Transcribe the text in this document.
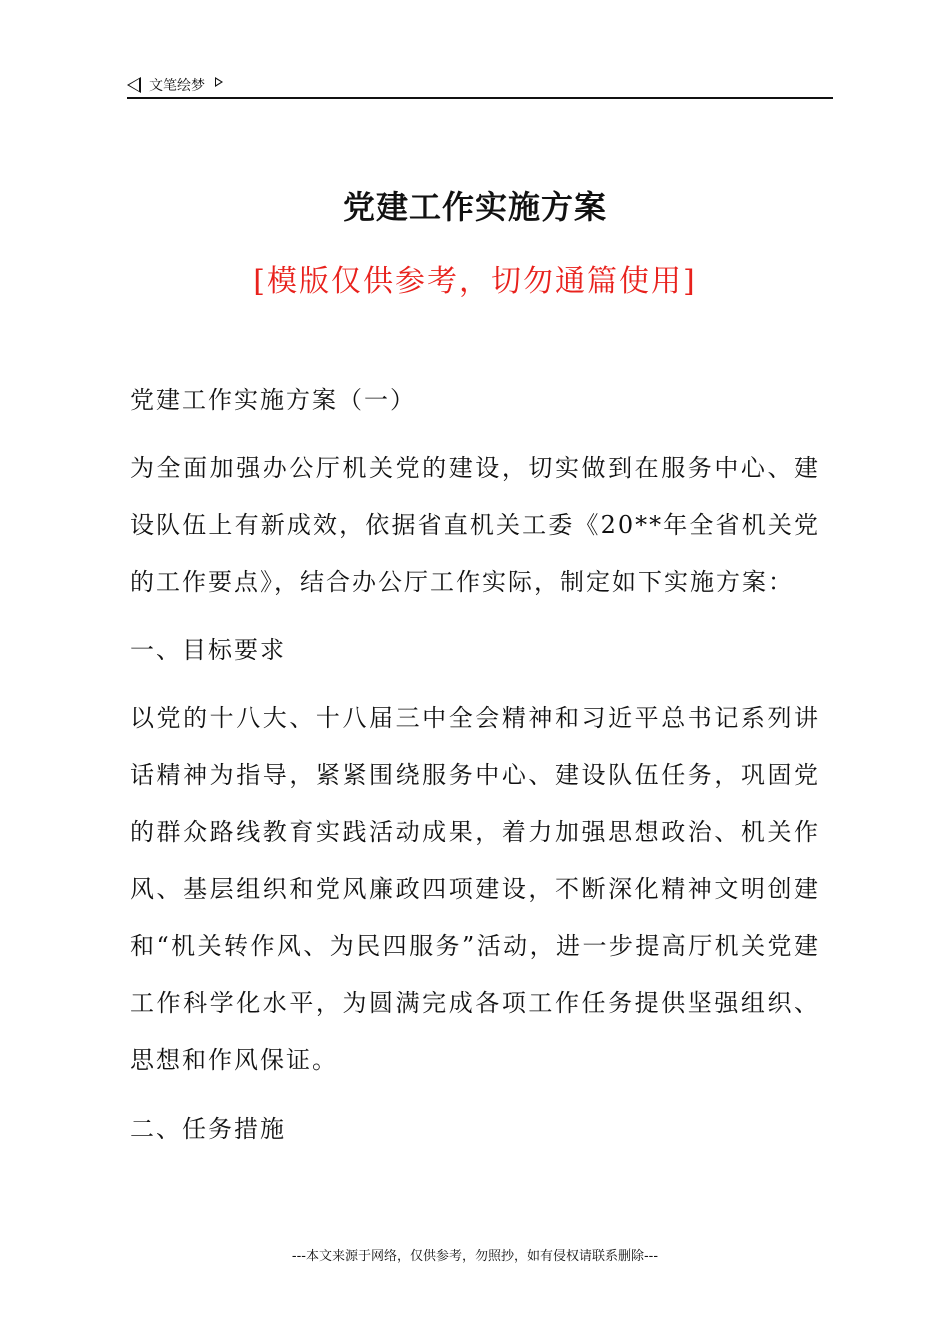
文笔绘梦
党建工作实施方案
[模版仅供参考，切勿通篇使用]

党建工作实施方案（一）

为全面加强办公厅机关党的建设，切实做到在服务中心、建设队伍上有新成效，依据省直机关工委《20**年全省机关党的工作要点》，结合办公厅工作实际，制定如下实施方案：

一、目标要求

以党的十八大、十八届三中全会精神和习近平总书记系列讲话精神为指导，紧紧围绕服务中心、建设队伍任务，巩固党的群众路线教育实践活动成果，着力加强思想政治、机关作风、基层组织和党风廉政四项建设，不断深化精神文明创建和“机关转作风、为民四服务”活动，进一步提高厅机关党建工作科学化水平，为圆满完成各项工作任务提供坚强组织、思想和作风保证。

二、任务措施

---本文来源于网络，仅供参考，勿照抄，如有侵权请联系删除---
